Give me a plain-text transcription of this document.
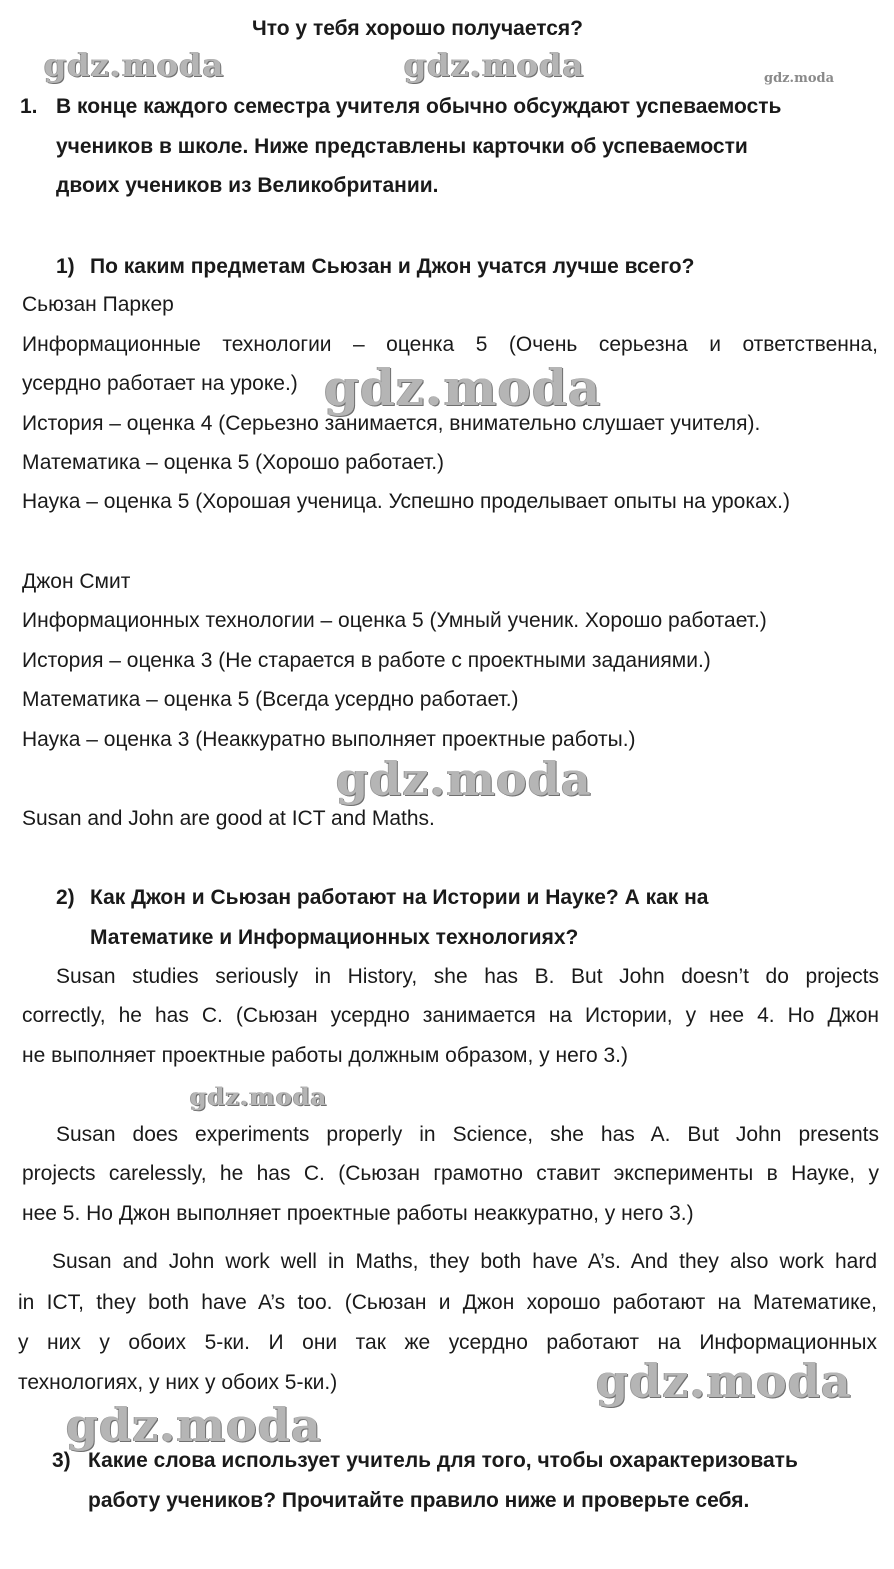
Что у тебя хорошо получается?
1. В конце каждого семестра учителя обычно обсуждают успеваемость
учеников в школе. Ниже представлены карточки об успеваемости
двоих учеников из Великобритании.
1) По каким предметам Сьюзан и Джон учатся лучше всего?
Сьюзан Паркер
Информационные технологии – оценка 5 (Очень серьезна и ответственна,
усердно работает на уроке.)
История – оценка 4 (Серьезно занимается, внимательно слушает учителя).
Математика – оценка 5 (Хорошо работает.)
Наука – оценка 5 (Хорошая ученица. Успешно проделывает опыты на уроках.)
Джон Смит
Информационных технологии – оценка 5 (Умный ученик. Хорошо работает.)
История – оценка 3 (Не старается в работе с проектными заданиями.)
Математика – оценка 5 (Всегда усердно работает.)
Наука – оценка 3 (Неаккуратно выполняет проектные работы.)
Susan and John are good at ICT and Maths.
2) Как Джон и Сьюзан работают на Истории и Науке? А как на
Математике и Информационных технологиях?
Susan studies seriously in History, she has B. But John doesn’t do projects
correctly, he has C. (Сьюзан усердно занимается на Истории, у нее 4. Но Джон
не выполняет проектные работы должным образом, у него 3.)
Susan does experiments properly in Science, she has A. But John presents
projects carelessly, he has C. (Сьюзан грамотно ставит эксперименты в Науке, у
нее 5. Но Джон выполняет проектные работы неаккуратно, у него 3.)
Susan and John work well in Maths, they both have A’s. And they also work hard
in ICT, they both have A’s too. (Сьюзан и Джон хорошо работают на Математике,
у них у обоих 5-ки. И они так же усердно работают на Информационных
технологиях, у них у обоих 5-ки.)
3) Какие слова использует учитель для того, чтобы охарактеризовать
работу учеников? Прочитайте правило ниже и проверьте себя.
gdz.moda	gdz.moda	gdz.moda
gdz.moda
gdz.moda
gdz.moda
gdz.moda
gdz.moda
